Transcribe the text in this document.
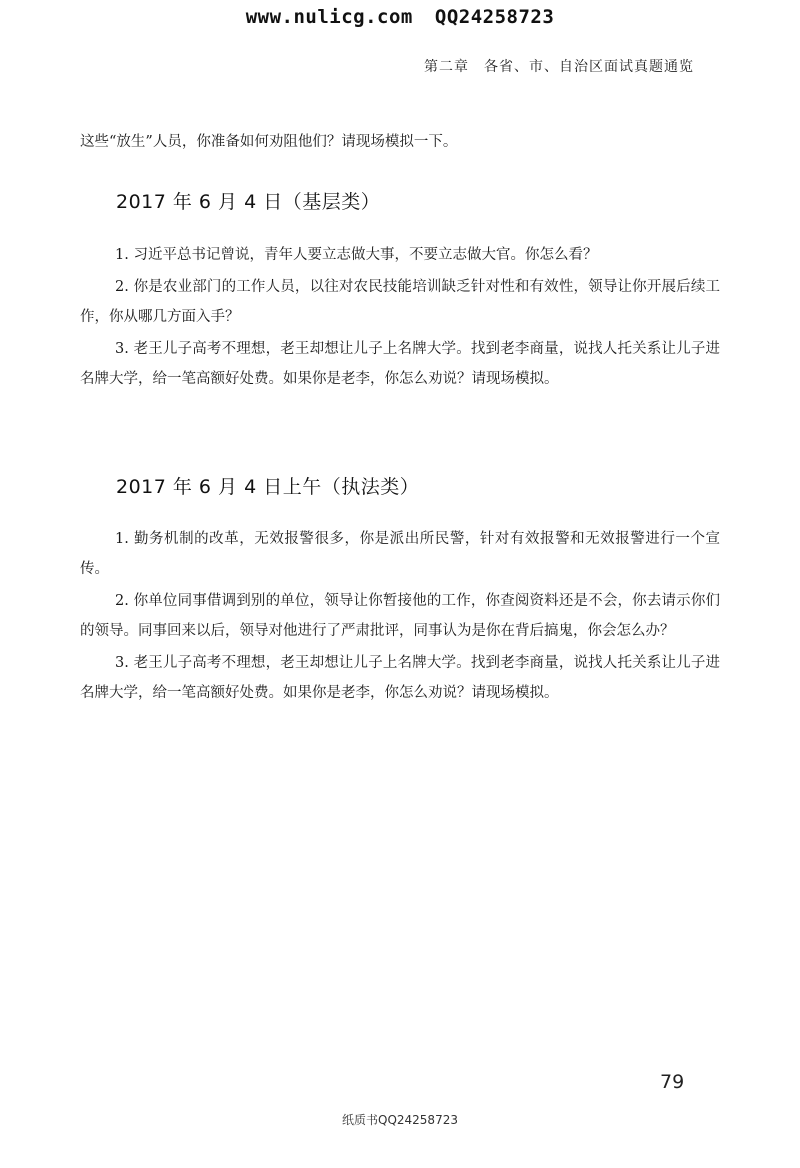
www.nulicg.com QQ24258723
第二章　各省、市、自治区面试真题通览
这些“放生”人员，你准备如何劝阻他们？请现场模拟一下。
2017 年 6 月 4 日（基层类）

1. 习近平总书记曾说，青年人要立志做大事，不要立志做大官。你怎么看？

2. 你是农业部门的工作人员，以往对农民技能培训缺乏针对性和有效性，领导让你开展后续工作，你从哪几方面入手？

3. 老王儿子高考不理想，老王却想让儿子上名牌大学。找到老李商量，说找人托关系让儿子进名牌大学，给一笔高额好处费。如果你是老李，你怎么劝说？请现场模拟。

2017 年 6 月 4 日上午（执法类）

1. 勤务机制的改革，无效报警很多，你是派出所民警，针对有效报警和无效报警进行一个宣传。

2. 你单位同事借调到别的单位，领导让你暂接他的工作，你查阅资料还是不会，你去请示你们的领导。同事回来以后，领导对他进行了严肃批评，同事认为是你在背后搞鬼，你会怎么办？

3. 老王儿子高考不理想，老王却想让儿子上名牌大学。找到老李商量，说找人托关系让儿子进名牌大学，给一笔高额好处费。如果你是老李，你怎么劝说？请现场模拟。

79
纸质书QQ24258723
